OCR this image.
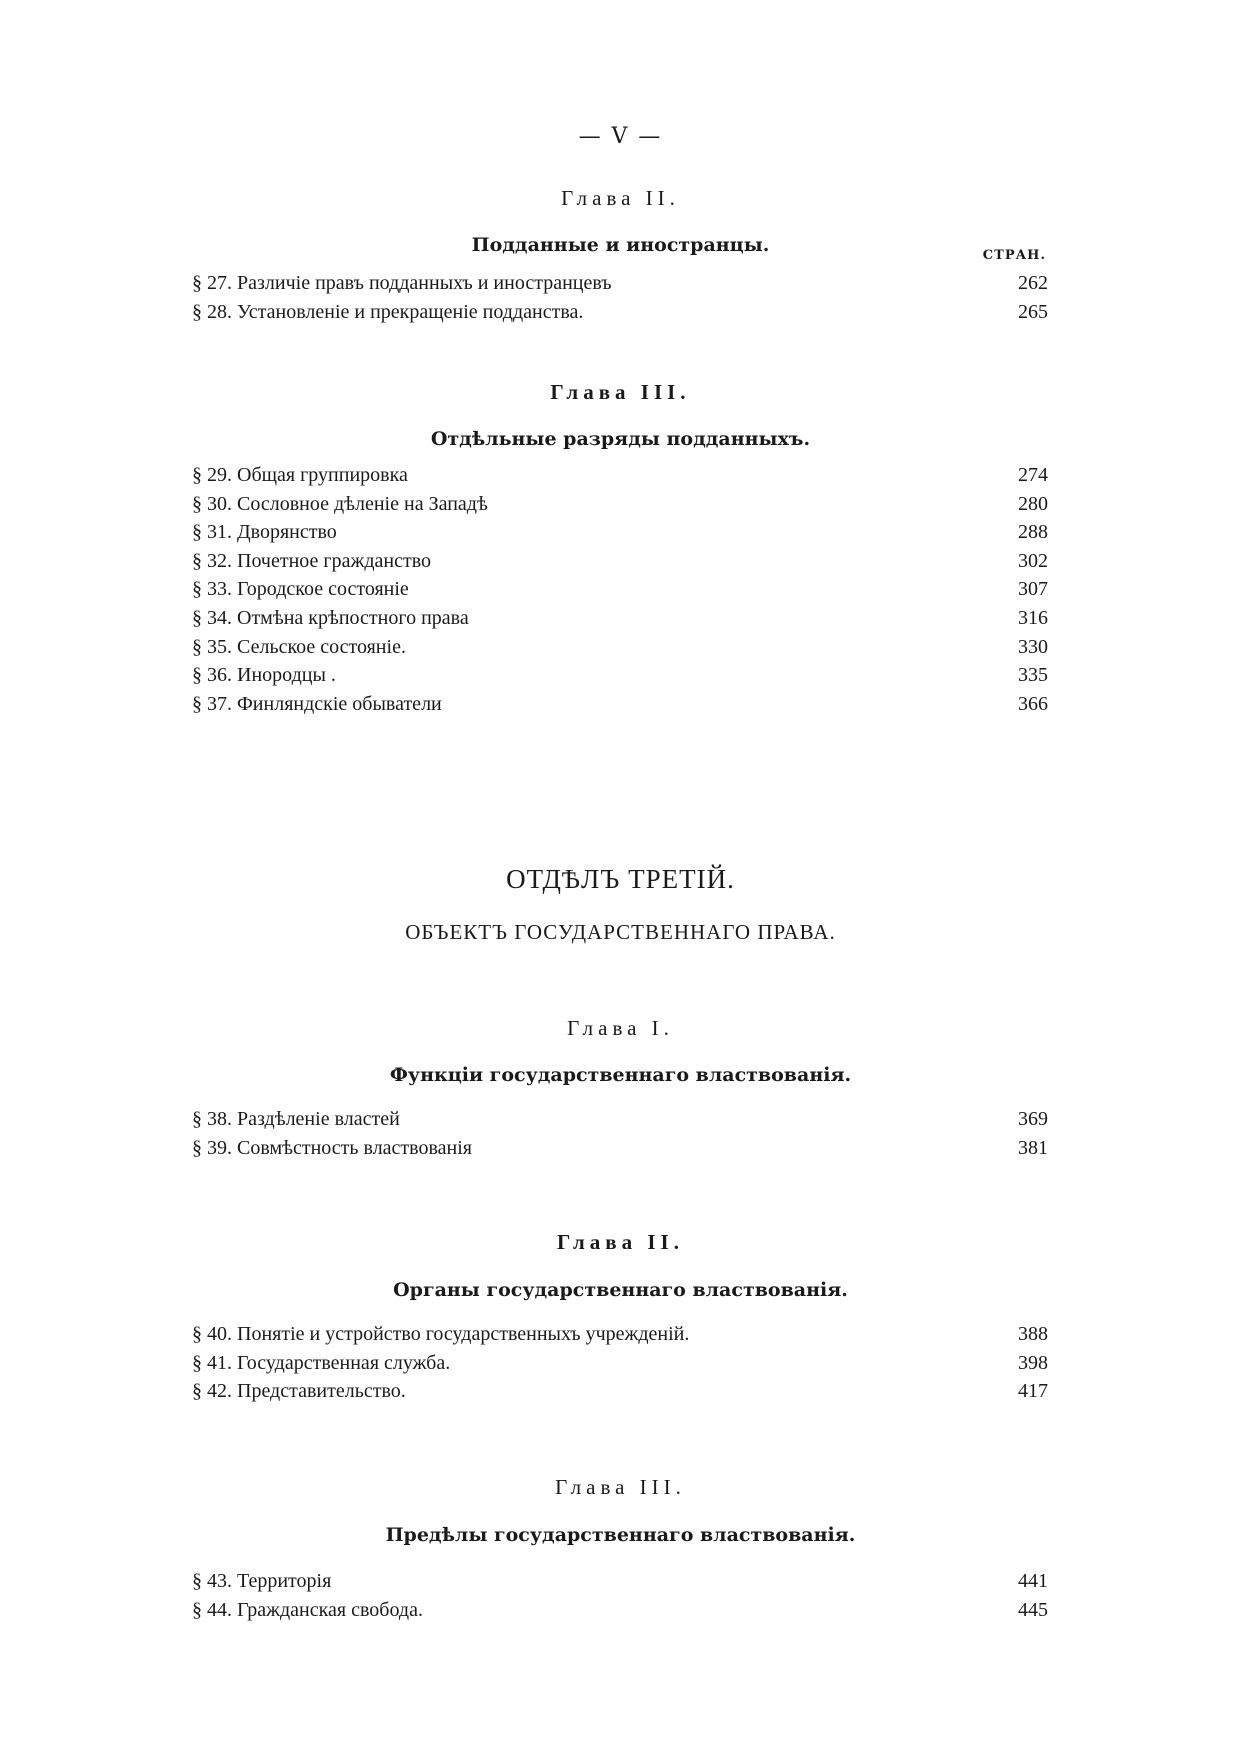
— V —
Глава II.
Подданные и иностранцы.	СТРАН.
§ 27. Различіе правъ подданныхъ и иностранцевъ	262
§ 28. Установленіе и прекращеніе подданства.	265
Глава III.
Отдѣльные разряды подданныхъ.
§ 29. Общая группировка	274
§ 30. Сословное дѣленіе на Западѣ	280
§ 31. Дворянство	288
§ 32. Почетное гражданство	302
§ 33. Городское состояніе	307
§ 34. Отмѣна крѣпостного права	316
§ 35. Сельское состояніе.	330
§ 36. Инородцы .	335
§ 37. Финляндскіе обыватели	366
ОТДѢЛЪ ТРЕТІЙ.
ОБЪЕКТЪ ГОСУДАРСТВЕННАГО ПРАВА.
Глава I.
Функціи государственнаго властвованія.
§ 38. Раздѣленіе властей	369
§ 39. Совмѣстность властвованія	381
Глава II.
Органы государственнаго властвованія.
§ 40. Понятіе и устройство государственныхъ учрежденій.	388
§ 41. Государственная служба.	398
§ 42. Представительство.	417
Глава III.
Предѣлы государственнаго властвованія.
§ 43. Территорія	441
§ 44. Гражданская свобода.	445
